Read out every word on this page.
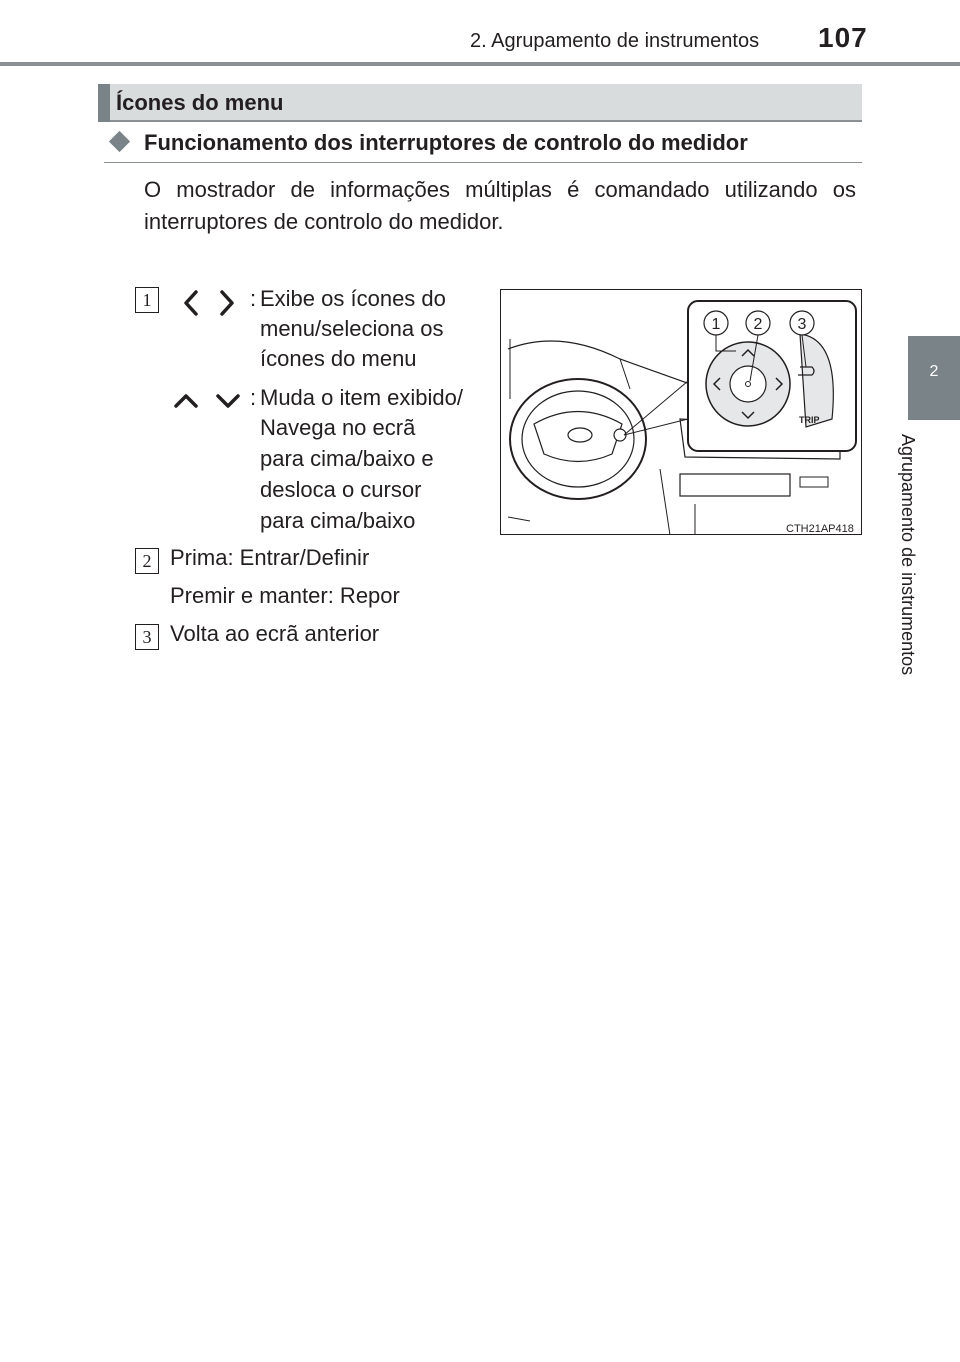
2. Agrupamento de instrumentos 107
2
Agrupamento de instrumentos
Ícones do menu
Funcionamento dos interruptores de controlo do medidor
O mostrador de informações múltiplas é comandado utilizando os interruptores de controlo do medidor.
1	: Exibe os ícones do
menu/seleciona os
ícones do menu
: Muda o item exibido/
Navega no ecrã
para cima/baixo e
desloca o cursor
para cima/baixo
2 Prima: Entrar/Definir
Premir e manter: Repor
3 Volta ao ecrã anterior
TRIP
1 2 3
CTH21AP418
